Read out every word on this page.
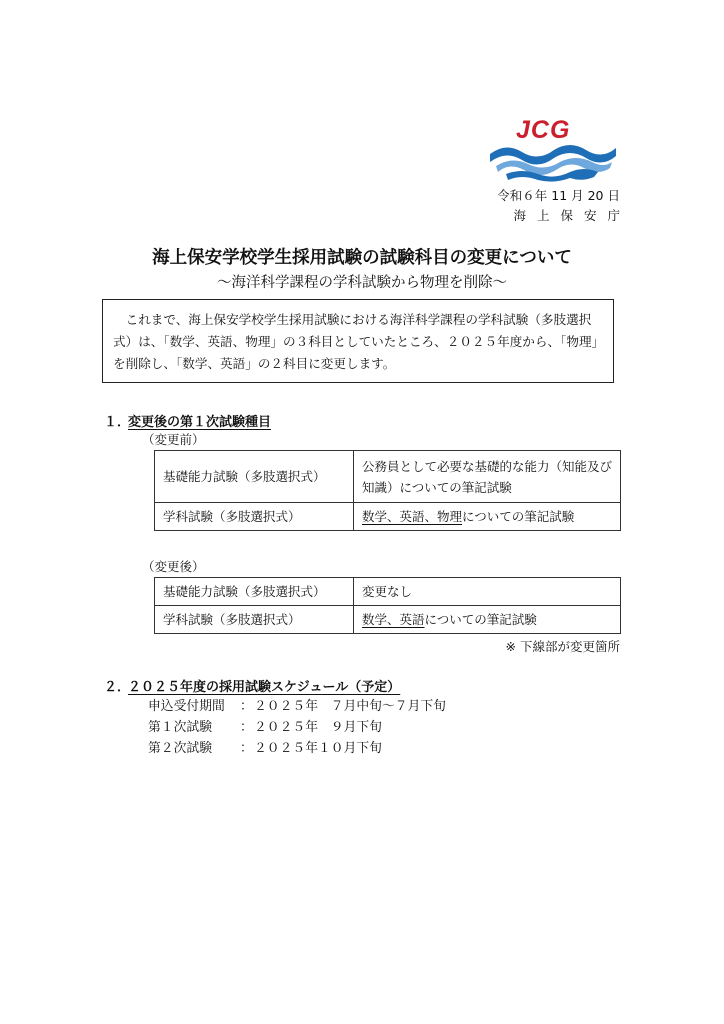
JCG
令和６年 11 月 20 日
海上保安庁
海上保安学校学生採用試験の試験科目の変更について
～海洋科学課程の学科試験から物理を削除～

これまで、海上保安学校学生採用試験における海洋科学課程の学科試験（多肢選択式）は、「数学、英語、物理」の３科目としていたところ、２０２５年度から、「物理」を削除し、「数学、英語」の２科目に変更します。

１．変更後の第１次試験種目
（変更前）
基礎能力試験（多肢選択式）	公務員として必要な基礎的な能力（知能及び知識）についての筆記試験
学科試験（多肢選択式）	数学、英語、物理についての筆記試験
（変更後）
基礎能力試験（多肢選択式）	変更なし
学科試験（多肢選択式）	数学、英語についての筆記試験
※ 下線部が変更箇所
２．２０２５年度の採用試験スケジュール（予定）
申込受付期間 ：２０２５年　７月中旬～７月下旬
第１次試験 ：２０２５年　９月下旬
第２次試験 ：２０２５年１０月下旬
